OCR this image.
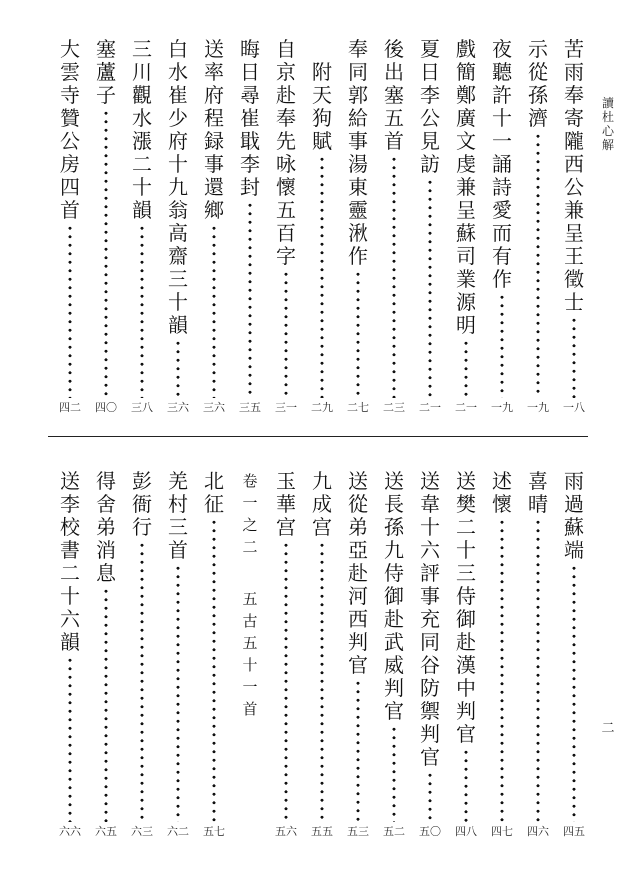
讀杜心解
二
苦雨奉寄隴西公兼呈王徵士
一八
示從孫濟
一九
夜聽許十一誦詩愛而有作
一九
戲簡鄭廣文虔兼呈蘇司業源明
二一
夏日李公見訪
二一
後出塞五首
二三
奉同郭給事湯東靈湫作
二七
附天狗賦
二九
自京赴奉先咏懷五百字
三一
晦日尋崔戢李封
三五
送率府程録事還鄉
三六
白水崔少府十九翁高齋三十韻
三六
三川觀水漲二十韻
三八
塞蘆子
四〇
大雲寺贊公房四首
四二
雨過蘇端
四五
喜晴
四六
述懷
四七
送樊二十三侍御赴漢中判官
四八
送韋十六評事充同谷防禦判官
五〇
送長孫九侍御赴武威判官
五二
送從弟亞赴河西判官
五三
九成宫
五五
玉華宫
五六
北征
五七
羌村三首
六二
彭衙行
六三
得舍弟消息
六五
送李校書二十六韻
六六
卷一之二
五古五十一首
